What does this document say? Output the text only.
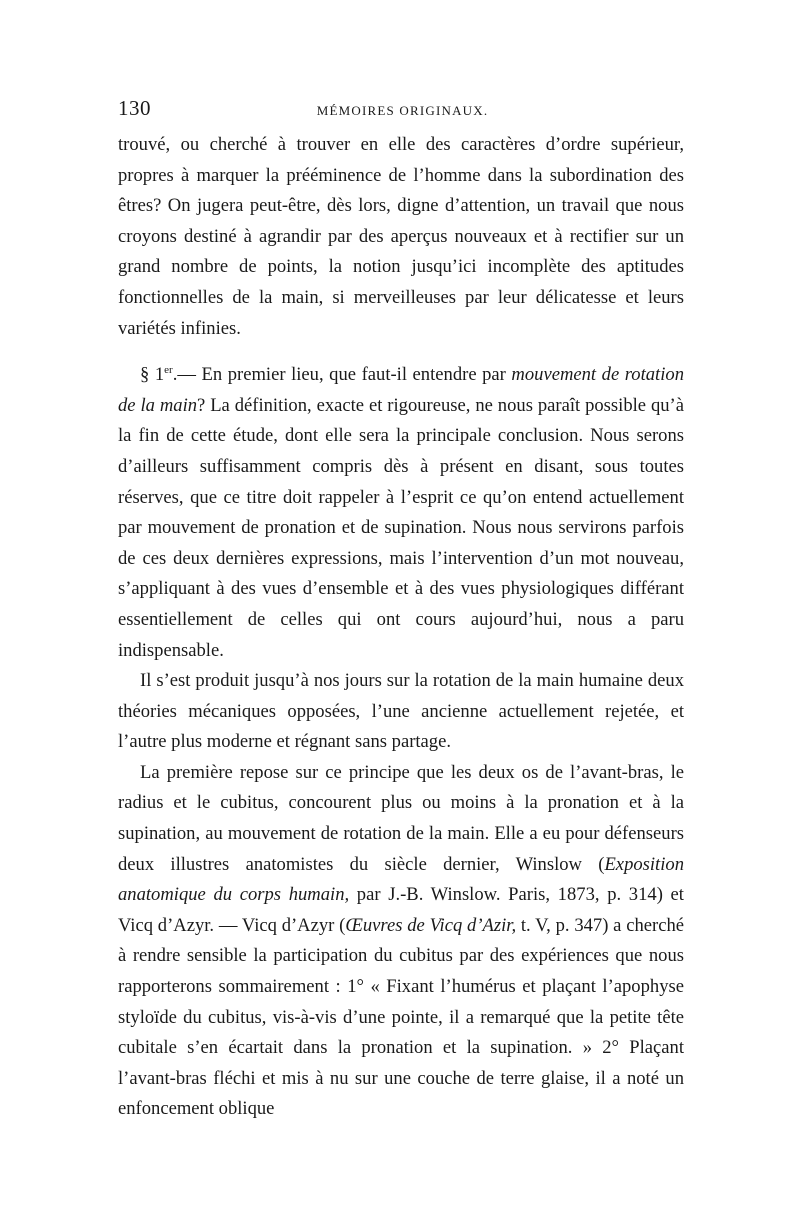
130	MÉMOIRES ORIGINAUX.

trouvé, ou cherché à trouver en elle des caractères d’ordre supérieur, propres à marquer la prééminence de l’homme dans la subordination des êtres? On jugera peut-être, dès lors, digne d’attention, un travail que nous croyons destiné à agrandir par des aperçus nouveaux et à rectifier sur un grand nombre de points, la notion jusqu’ici incomplète des aptitudes fonctionnelles de la main, si merveilleuses par leur délicatesse et leurs variétés infinies.

§ 1er.— En premier lieu, que faut-il entendre par mouvement de rotation de la main? La définition, exacte et rigoureuse, ne nous paraît possible qu’à la fin de cette étude, dont elle sera la principale conclusion. Nous serons d’ailleurs suffisamment compris dès à présent en disant, sous toutes réserves, que ce titre doit rappeler à l’esprit ce qu’on entend actuellement par mouvement de pronation et de supination. Nous nous servirons parfois de ces deux dernières expressions, mais l’intervention d’un mot nouveau, s’appliquant à des vues d’ensemble et à des vues physiologiques différant essentiellement de celles qui ont cours aujourd’hui, nous a paru indispensable.

Il s’est produit jusqu’à nos jours sur la rotation de la main humaine deux théories mécaniques opposées, l’une ancienne actuellement rejetée, et l’autre plus moderne et régnant sans partage.

La première repose sur ce principe que les deux os de l’avant-bras, le radius et le cubitus, concourent plus ou moins à la pronation et à la supination, au mouvement de rotation de la main. Elle a eu pour défenseurs deux illustres anatomistes du siècle dernier, Winslow (Exposition anatomique du corps humain, par J.-B. Winslow. Paris, 1873, p. 314) et Vicq d’Azyr. — Vicq d’Azyr (Œuvres de Vicq d’Azir, t. V, p. 347) a cherché à rendre sensible la participation du cubitus par des expériences que nous rapporterons sommairement : 1° « Fixant l’humérus et plaçant l’apophyse styloïde du cubitus, vis-à-vis d’une pointe, il a remarqué que la petite tête cubitale s’en écartait dans la pronation et la supination. » 2° Plaçant l’avant-bras fléchi et mis à nu sur une couche de terre glaise, il a noté un enfoncement oblique
